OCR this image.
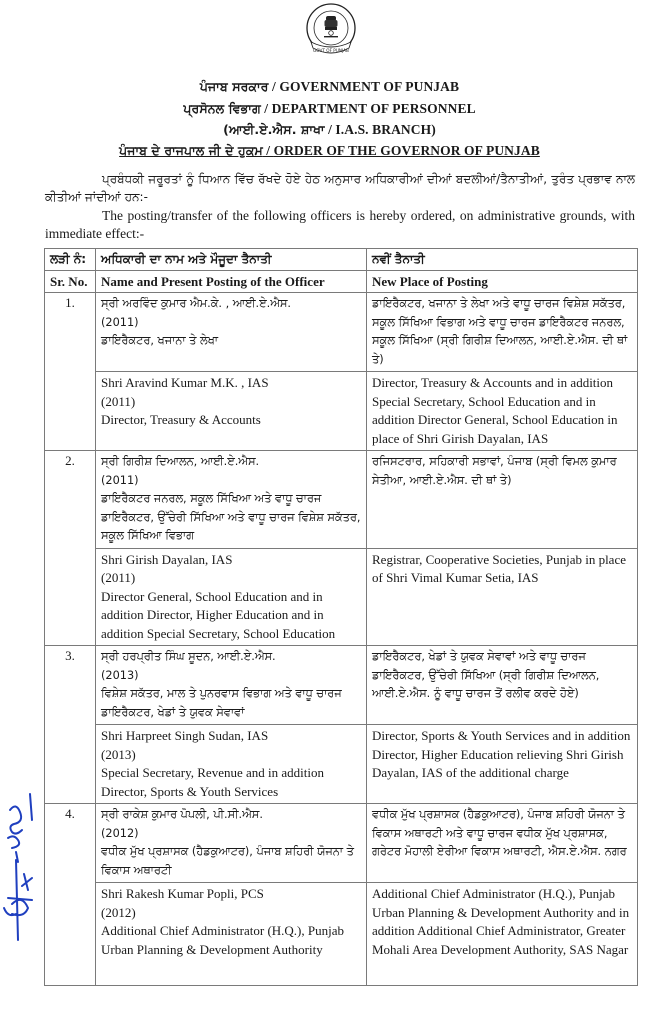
GOVT OF PUNJAB
ਪੰਜਾਬ ਸਰਕਾਰ / GOVERNMENT OF PUNJAB
ਪ੍ਰਸੋਨਲ ਵਿਭਾਗ / DEPARTMENT OF PERSONNEL
(ਆਈ.ਏ.ਐਸ. ਸ਼ਾਖਾ / I.A.S. BRANCH)
ਪੰਜਾਬ ਦੇ ਰਾਜਪਾਲ ਜੀ ਦੇ ਹੁਕਮ / ORDER OF THE GOVERNOR OF PUNJAB
ਪ੍ਰਬੰਧਕੀ ਜਰੂਰਤਾਂ ਨੂੰ ਧਿਆਨ ਵਿੱਚ ਰੱਖਦੇ ਹੋਏ ਹੇਠ ਅਨੁਸਾਰ ਅਧਿਕਾਰੀਆਂ ਦੀਆਂ ਬਦਲੀਆਂ/ਤੈਨਾਤੀਆਂ, ਤੁਰੰਤ ਪ੍ਰਭਾਵ ਨਾਲ ਕੀਤੀਆਂ ਜਾਂਦੀਆਂ ਹਨ:-
The posting/transfer of the following officers is hereby ordered, on administrative grounds, with immediate effect:-
ਲੜੀ ਨੰ:	ਅਧਿਕਾਰੀ ਦਾ ਨਾਮ ਅਤੇ ਮੌਜੂਦਾ ਤੈਨਾਤੀ	ਨਵੀਂ ਤੈਨਾਤੀ
Sr. No.	Name and Present Posting of the Officer	New Place of Posting
1.	ਸ੍ਰੀ ਅਰਵਿੰਦ ਕੁਮਾਰ ਐਮ.ਕੇ. , ਆਈ.ਏ.ਐਸ.
(2011)
ਡਾਇਰੈਕਟਰ, ਖਜਾਨਾ ਤੇ ਲੇਖਾ	ਡਾਇਰੈਕਟਰ, ਖਜਾਨਾ ਤੇ ਲੇਖਾ ਅਤੇ ਵਾਧੂ ਚਾਰਜ ਵਿਸ਼ੇਸ਼ ਸਕੱਤਰ, ਸਕੂਲ ਸਿੱਖਿਆ ਵਿਭਾਗ ਅਤੇ ਵਾਧੂ ਚਾਰਜ ਡਾਇਰੈਕਟਰ ਜਨਰਲ, ਸਕੂਲ ਸਿੱਖਿਆ (ਸ੍ਰੀ ਗਿਰੀਸ਼ ਦਿਆਲਨ, ਆਈ.ਏ.ਐਸ. ਦੀ ਥਾਂ ਤੇ)

	Shri Aravind Kumar M.K. , IAS
(2011)
Director, Treasury & Accounts	Director, Treasury & Accounts and in addition Special Secretary, School Education and in addition Director General, School Education in place of Shri Girish Dayalan, IAS
2.	ਸ੍ਰੀ ਗਿਰੀਸ਼ ਦਿਆਲਨ, ਆਈ.ਏ.ਐਸ.
(2011)
ਡਾਇਰੈਕਟਰ ਜਨਰਲ, ਸਕੂਲ ਸਿੱਖਿਆ ਅਤੇ ਵਾਧੂ ਚਾਰਜ ਡਾਇਰੈਕਟਰ, ਉੱਚੇਰੀ ਸਿੱਖਿਆ ਅਤੇ ਵਾਧੂ ਚਾਰਜ ਵਿਸ਼ੇਸ਼ ਸਕੱਤਰ, ਸਕੂਲ ਸਿੱਖਿਆ ਵਿਭਾਗ	ਰਜਿਸਟਰਾਰ, ਸਹਿਕਾਰੀ ਸਭਾਵਾਂ, ਪੰਜਾਬ (ਸ੍ਰੀ ਵਿਮਲ ਕੁਮਾਰ ਸੇਤੀਆ, ਆਈ.ਏ.ਐਸ. ਦੀ ਥਾਂ ਤੇ)

	Shri Girish Dayalan, IAS
(2011)
Director General, School Education and in addition Director, Higher Education and in addition Special Secretary, School Education	Registrar, Cooperative Societies, Punjab in place of Shri Vimal Kumar Setia, IAS
3.	ਸ੍ਰੀ ਹਰਪ੍ਰੀਤ ਸਿੰਘ ਸੂਦਨ, ਆਈ.ਏ.ਐਸ.
(2013)
ਵਿਸ਼ੇਸ਼ ਸਕੱਤਰ, ਮਾਲ ਤੇ ਪੁਨਰਵਾਸ ਵਿਭਾਗ ਅਤੇ ਵਾਧੂ ਚਾਰਜ ਡਾਇਰੈਕਟਰ, ਖੇਡਾਂ ਤੇ ਯੁਵਕ ਸੇਵਾਵਾਂ	ਡਾਇਰੈਕਟਰ, ਖੇਡਾਂ ਤੇ ਯੁਵਕ ਸੇਵਾਵਾਂ ਅਤੇ ਵਾਧੂ ਚਾਰਜ ਡਾਇਰੈਕਟਰ, ਉੱਚੇਰੀ ਸਿੱਖਿਆ (ਸ੍ਰੀ ਗਿਰੀਸ਼ ਦਿਆਲਨ, ਆਈ.ਏ.ਐਸ. ਨੂੰ ਵਾਧੂ ਚਾਰਜ ਤੋਂ ਰਲੀਵ ਕਰਦੇ ਹੋਏ)

	Shri Harpreet Singh Sudan, IAS
(2013)
Special Secretary, Revenue and in addition Director, Sports & Youth Services	Director, Sports & Youth Services and in addition Director, Higher Education relieving Shri Girish Dayalan, IAS of the additional charge
4.	ਸ੍ਰੀ ਰਾਕੇਸ਼ ਕੁਮਾਰ ਪੋਪਲੀ, ਪੀ.ਸੀ.ਐਸ.
(2012)
ਵਧੀਕ ਮੁੱਖ ਪ੍ਰਸ਼ਾਸਕ (ਹੈਡਕੁਆਟਰ), ਪੰਜਾਬ ਸ਼ਹਿਰੀ ਯੋਜਨਾ ਤੇ ਵਿਕਾਸ ਅਥਾਰਟੀ	ਵਧੀਕ ਮੁੱਖ ਪ੍ਰਸ਼ਾਸਕ (ਹੈਡਕੁਆਟਰ), ਪੰਜਾਬ ਸ਼ਹਿਰੀ ਯੋਜਨਾ ਤੇ ਵਿਕਾਸ ਅਥਾਰਟੀ ਅਤੇ ਵਾਧੂ ਚਾਰਜ ਵਧੀਕ ਮੁੱਖ ਪ੍ਰਸ਼ਾਸਕ, ਗਰੇਟਰ ਮੋਹਾਲੀ ਏਰੀਆ ਵਿਕਾਸ ਅਥਾਰਟੀ, ਐਸ.ਏ.ਐਸ. ਨਗਰ

	Shri Rakesh Kumar Popli, PCS
(2012)
Additional Chief Administrator (H.Q.), Punjab Urban Planning & Development Authority	Additional Chief Administrator (H.Q.), Punjab Urban Planning & Development Authority and in addition Additional Chief Administrator, Greater Mohali Area Development Authority, SAS Nagar
